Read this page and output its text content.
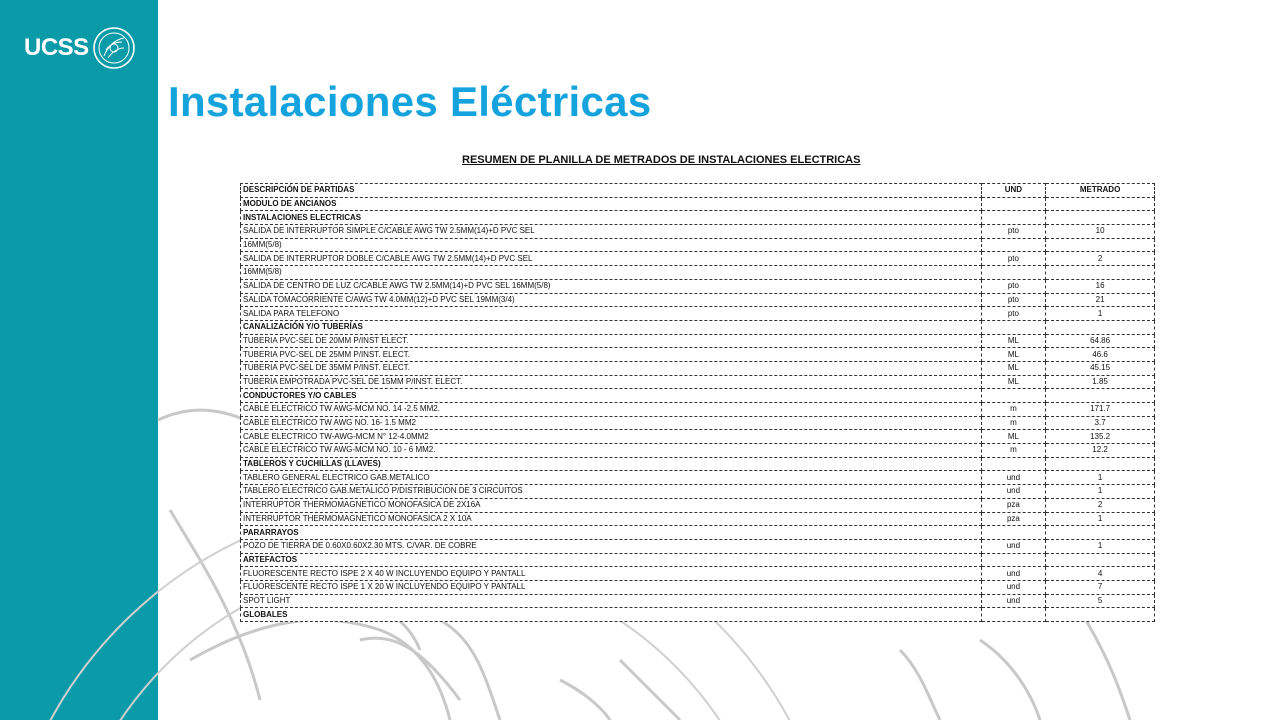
UCSS
Instalaciones Eléctricas
RESUMEN DE PLANILLA DE METRADOS DE INSTALACIONES ELECTRICAS
DESCRIPCIÓN DE PARTIDAS	UND	METRADO
MODULO DE ANCIANOS		
INSTALACIONES ELECTRICAS		
SALIDA DE INTERRUPTOR SIMPLE C/CABLE AWG TW 2.5MM(14)+D PVC SEL	pto	10
16MM(5/8)		
SALIDA DE INTERRUPTOR DOBLE C/CABLE AWG TW 2.5MM(14)+D PVC SEL	pto	2
16MM(5/8)		
SALIDA DE CENTRO DE LUZ C/CABLE AWG TW 2.5MM(14)+D PVC SEL 16MM(5/8)	pto	16
SALIDA TOMACORRIENTE C/AWG TW 4.0MM(12)+D PVC SEL 19MM(3/4)	pto	21
SALIDA PARA TELEFONO	pto	1
CANALIZACIÓN Y/O TUBERÍAS		
TUBERIA PVC-SEL DE 20MM P/INST ELECT.	ML	64.86
TUBERIA PVC-SEL DE 25MM P/INST. ELECT.	ML	46.6
TUBERIA PVC-SEL DE 35MM P/INST. ELECT.	ML	45.15
TUBERIA EMPOTRADA PVC-SEL DE 15MM P/INST. ELECT.	ML	1.85
CONDUCTORES Y/O CABLES		
CABLE ELECTRICO TW AWG-MCM NO. 14 -2.5 MM2.	m	171.7
CABLE ELECTRICO TW AWG NO. 16- 1.5 MM2	m	3.7
CABLE ELECTRICO TW-AWG-MCM N° 12-4.0MM2	ML	135.2
CABLE ELECTRICO TW AWG-MCM NO. 10 - 6 MM2.	m	12.2
TABLEROS Y CUCHILLAS (LLAVES)		
TABLERO GENERAL ELECTRICO GAB.METALICO	und	1
TABLERO ELECTRICO GAB.METALICO P/DISTRIBUCION DE 3 CIRCUITOS	und	1
INTERRUPTOR THERMOMAGNETICO MONOFASICA DE 2X16A	pza	2
INTERRUPTOR THERMOMAGNETICO MONOFASICA 2 X 10A	pza	1
PARARRAYOS		
POZO DE TIERRA DE 0.60X0.60X2.30 MTS. C/VAR. DE COBRE	und	1
ARTEFACTOS		
FLUORESCENTE RECTO ISPE 2 X 40 W INCLUYENDO EQUIPO Y PANTALL	und	4
FLUORESCENTE RECTO ISPE 1 X 20 W INCLUYENDO EQUIPO Y PANTALL	und	7
SPOT LIGHT	und	5
GLOBALES		
